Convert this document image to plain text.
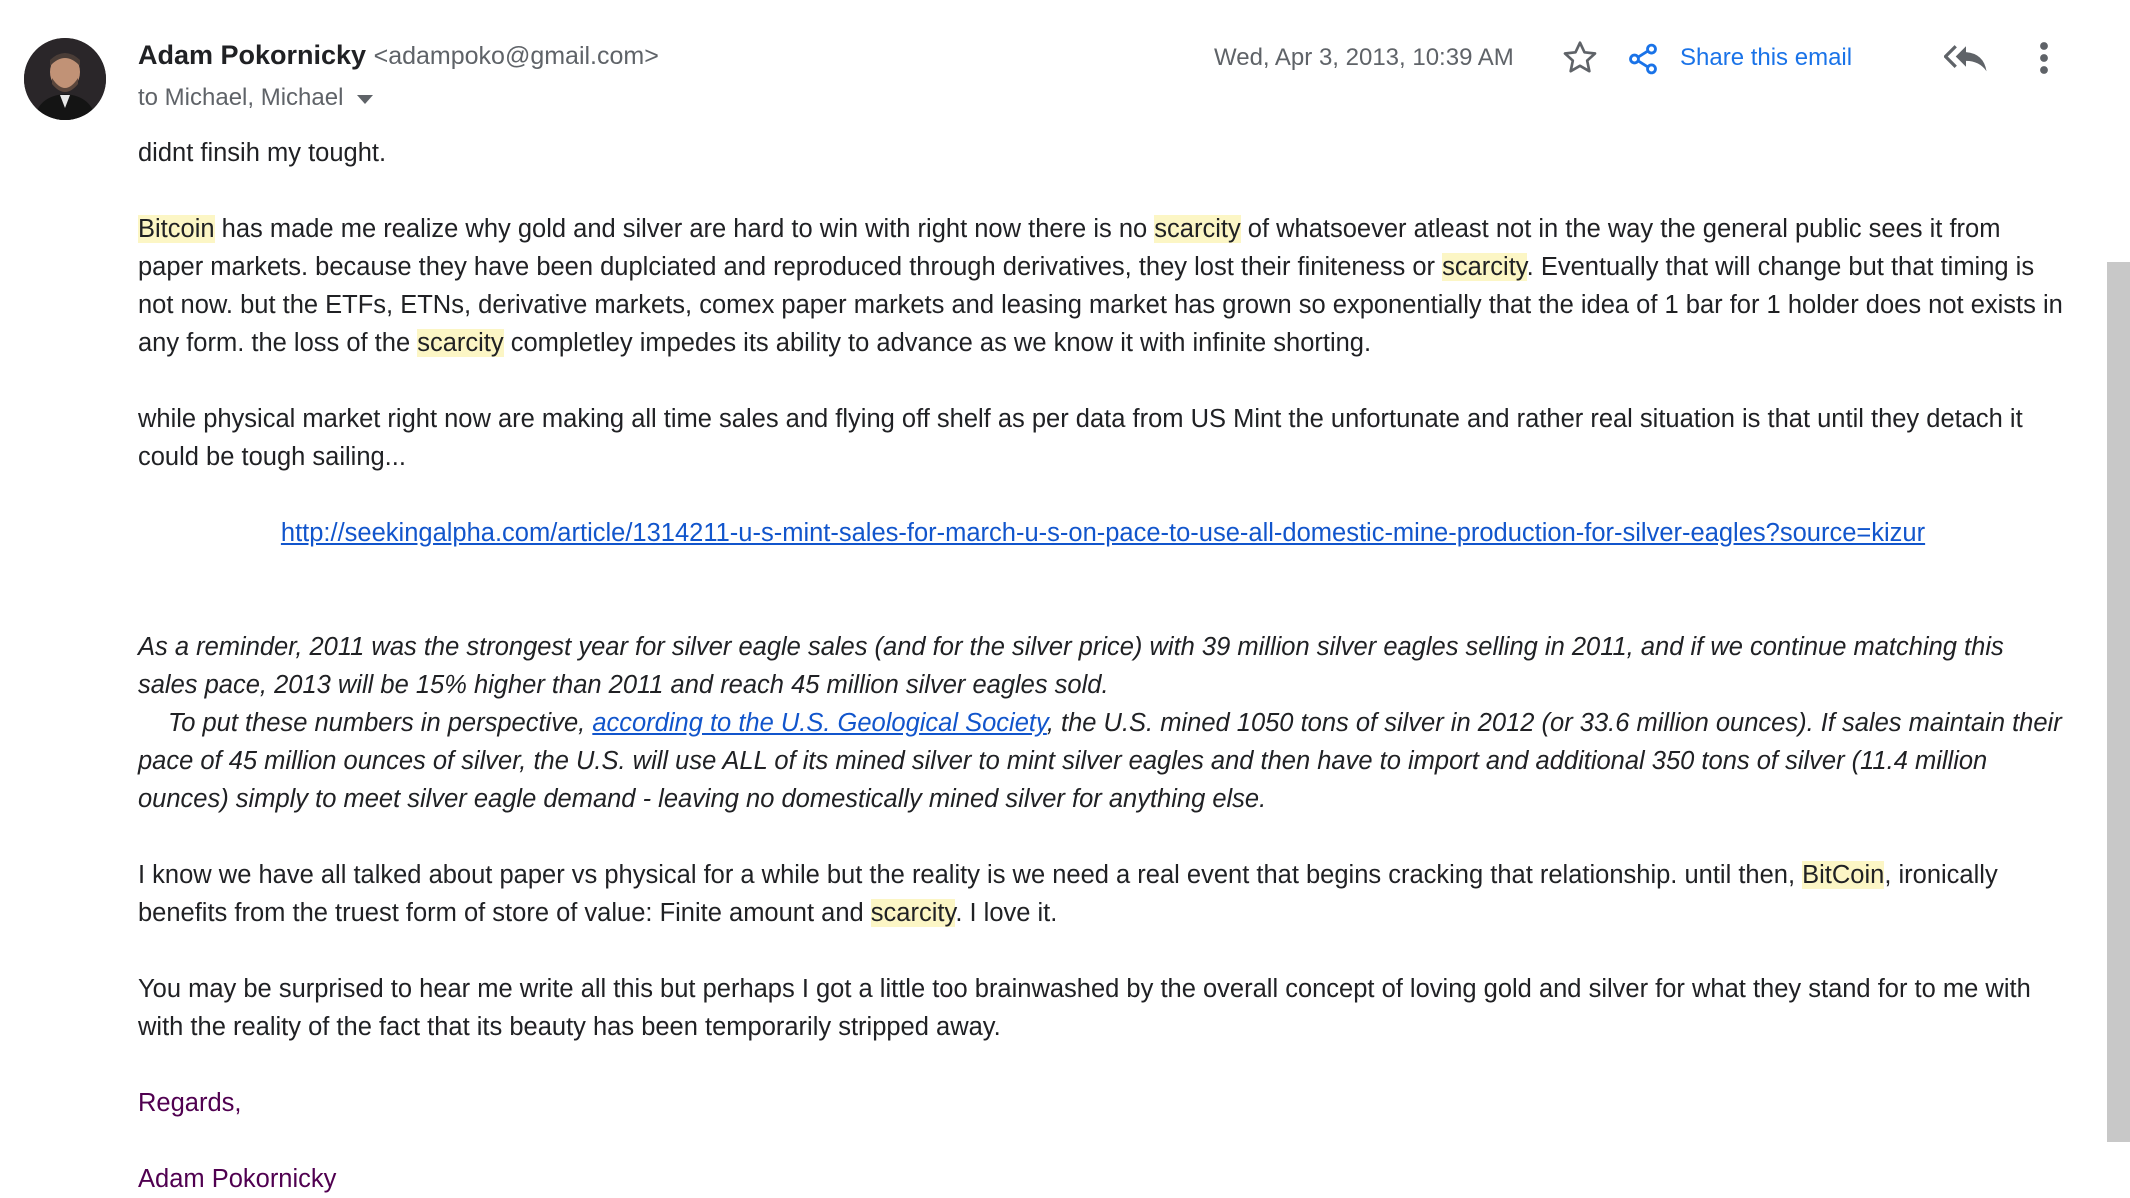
Adam Pokornicky <adampoko@gmail.com>
to Michael, Michael
Wed, Apr 3, 2013, 10:39 AM	Share this email

didnt finsih my tought.

Bitcoin has made me realize why gold and silver are hard to win with right now there is no scarcity of whatsoever atleast not in the way the general public sees it from paper markets. because they have been duplciated and reproduced through derivatives, they lost their finiteness or scarcity. Eventually that will change but that timing is not now. but the ETFs, ETNs, derivative markets, comex paper markets and leasing market has grown so exponentially that the idea of 1 bar for 1 holder does not exists in any form. the loss of the scarcity completley impedes its ability to advance as we know it with infinite shorting.

while physical market right now are making all time sales and flying off shelf as per data from US Mint the unfortunate and rather real situation is that until they detach it could be tough sailing...

http://seekingalpha.com/article/1314211-u-s-mint-sales-for-march-u-s-on-pace-to-use-all-domestic-mine-production-for-silver-eagles?source=kizur

As a reminder, 2011 was the strongest year for silver eagle sales (and for the silver price) with 39 million silver eagles selling in 2011, and if we continue matching this sales pace, 2013 will be 15% higher than 2011 and reach 45 million silver eagles sold.

To put these numbers in perspective, according to the U.S. Geological Society, the U.S. mined 1050 tons of silver in 2012 (or 33.6 million ounces). If sales maintain their pace of 45 million ounces of silver, the U.S. will use ALL of its mined silver to mint silver eagles and then have to import and additional 350 tons of silver (11.4 million ounces) simply to meet silver eagle demand - leaving no domestically mined silver for anything else.

I know we have all talked about paper vs physical for a while but the reality is we need a real event that begins cracking that relationship. until then, BitCoin, ironically benefits from the truest form of store of value: Finite amount and scarcity. I love it.

You may be surprised to hear me write all this but perhaps I got a little too brainwashed by the overall concept of loving gold and silver for what they stand for to me with with the reality of the fact that its beauty has been temporarily stripped away.

Regards,

Adam Pokornicky
